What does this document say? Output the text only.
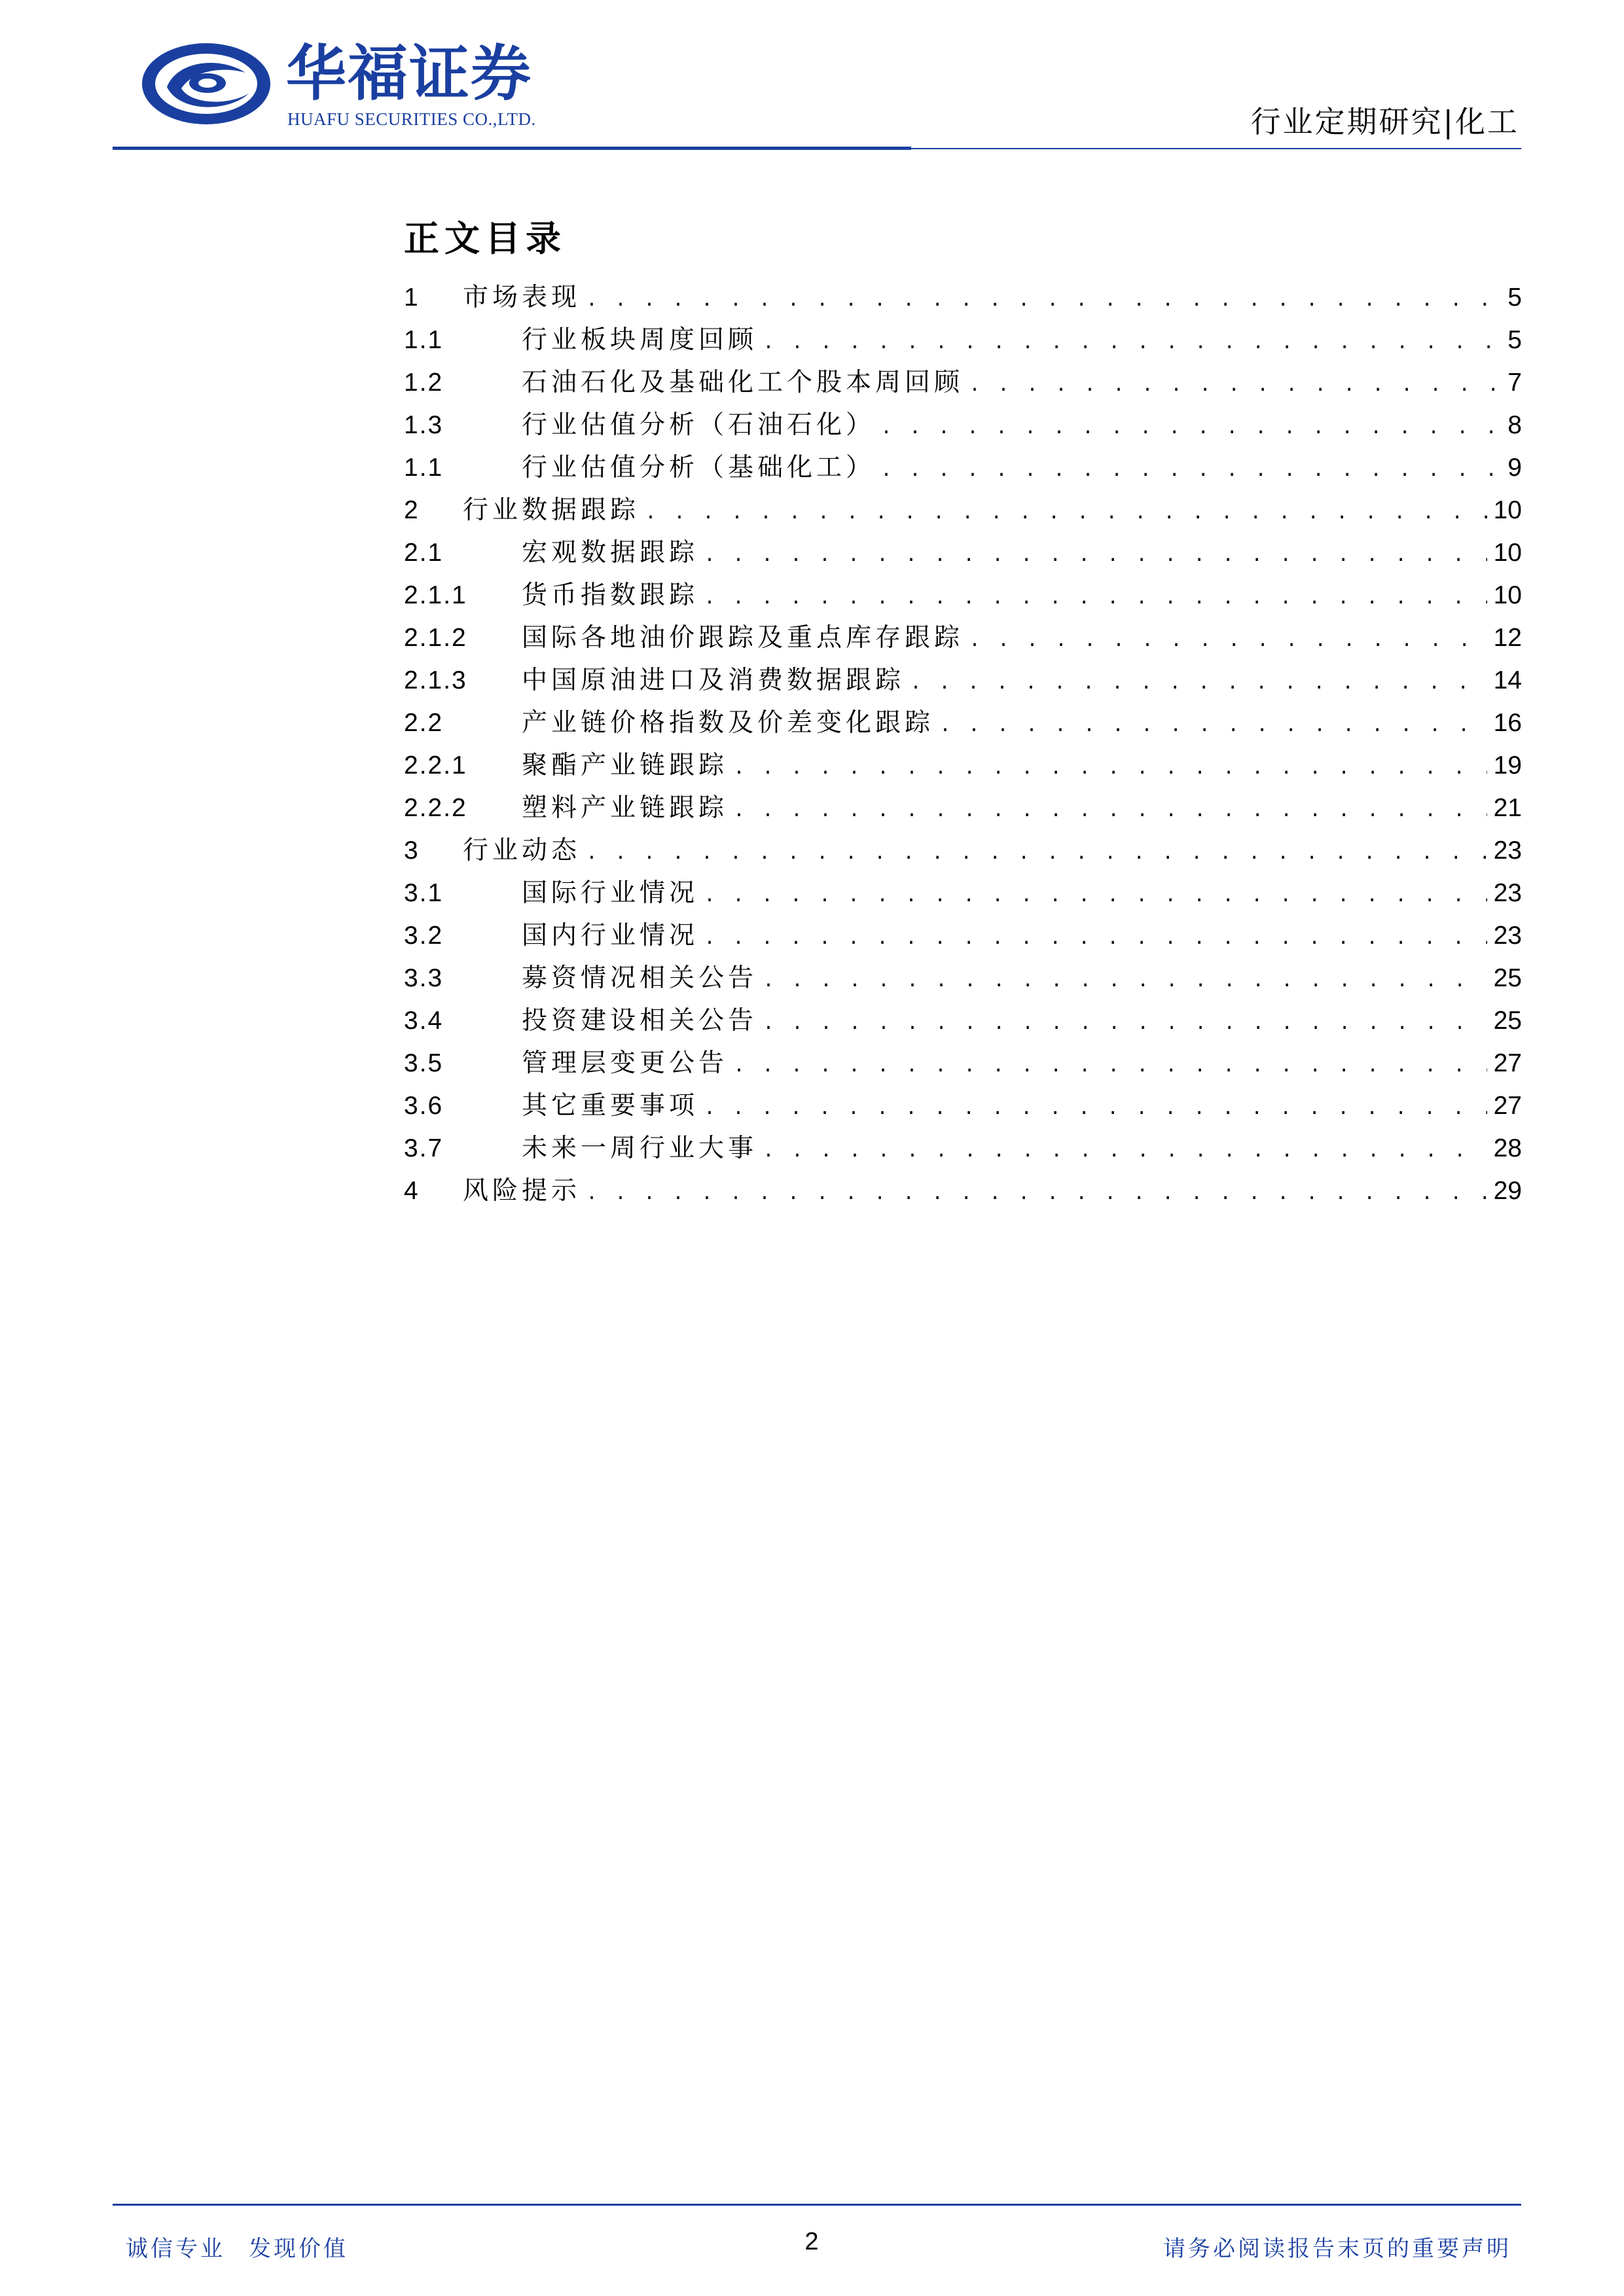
华福证券
HUAFU SECURITIES CO.,LTD.	行业定期研究|化工
正文目录
1	市场表现 . . .	5
1.1	行业板块周度回顾 . . .	5
1.2	石油石化及基础化工个股本周回顾 . . .	7
1.3	行业估值分析（石油石化） . . .	8
1.1	行业估值分析（基础化工） . . .	9
2	行业数据跟踪 . . .	10
2.1	宏观数据跟踪 . . .	10
2.1.1	货币指数跟踪 . . .	10
2.1.2	国际各地油价跟踪及重点库存跟踪 . . .	12
2.1.3	中国原油进口及消费数据跟踪 . . .	14
2.2	产业链价格指数及价差变化跟踪 . . .	16
2.2.1	聚酯产业链跟踪 . . .	19
2.2.2	塑料产业链跟踪 . . .	21
3	行业动态 . . .	23
3.1	国际行业情况 . . .	23
3.2	国内行业情况 . . .	23
3.3	募资情况相关公告 . . .	25
3.4	投资建设相关公告 . . .	25
3.5	管理层变更公告 . . .	27
3.6	其它重要事项 . . .	27
3.7	未来一周行业大事 . . .	28
4	风险提示 . . .	29
诚信专业 发现价值	2	请务必阅读报告末页的重要声明
